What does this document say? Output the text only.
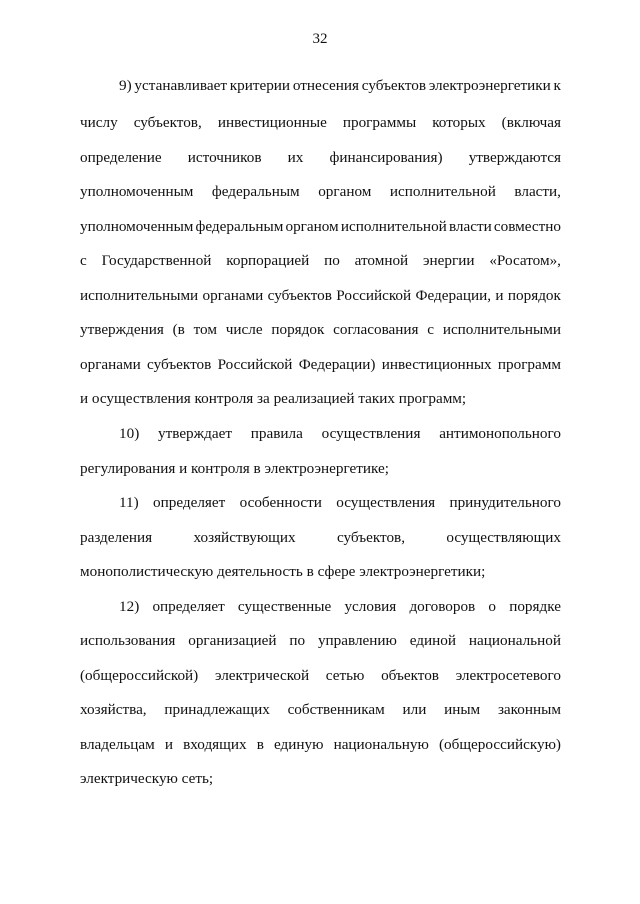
32
9) устанавливает критерии отнесения субъектов электроэнергетики к
числу субъектов, инвестиционные программы которых (включая
определение источников их финансирования) утверждаются
уполномоченным федеральным органом исполнительной власти,
уполномоченным федеральным органом исполнительной власти совместно
с Государственной корпорацией по атомной энергии «Росатом»,
исполнительными органами субъектов Российской Федерации, и порядок
утверждения (в том числе порядок согласования с исполнительными
органами субъектов Российской Федерации) инвестиционных программ
и осуществления контроля за реализацией таких программ;
10) утверждает правила осуществления антимонопольного
регулирования и контроля в электроэнергетике;
11) определяет особенности осуществления принудительного
разделения	хозяйствующих	субъектов,	осуществляющих
монополистическую деятельность в сфере электроэнергетики;
12) определяет существенные условия договоров о порядке
использования организацией по управлению единой национальной
(общероссийской) электрической сетью объектов электросетевого
хозяйства, принадлежащих собственникам или иным законным
владельцам и входящих в единую национальную (общероссийскую)
электрическую сеть;
